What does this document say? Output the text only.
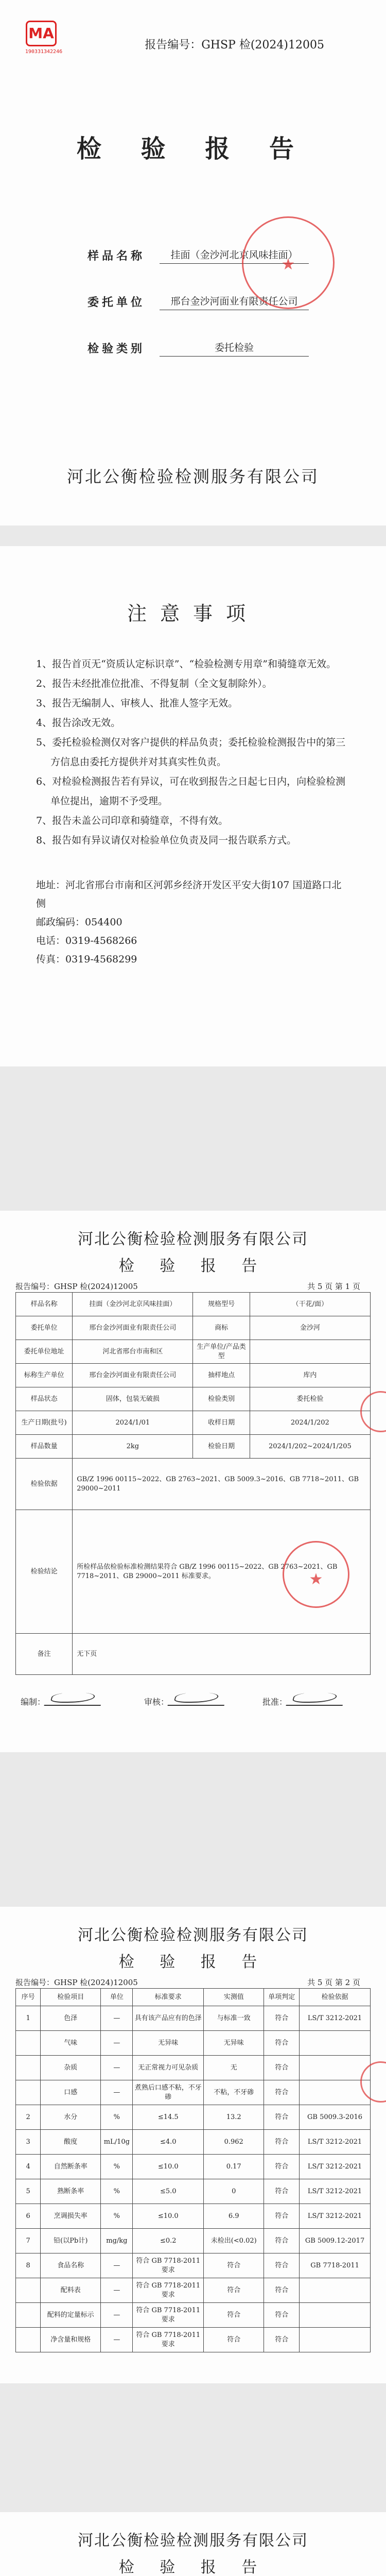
MA
190331342246
报告编号：GHSP 检(2024)12005
检 验 报 告
样品名称	挂面（金沙河北京风味挂面）
委托单位	邢台金沙河面业有限责任公司
检验类别	委托检验
★
河北公衡检验检测服务有限公司
注意事项
1、报告首页无“资质认定标识章”、“检验检测专用章”和骑缝章无效。
2、报告未经批准位批准、不得复制（全文复制除外）。
3、报告无编制人、审核人、批准人签字无效。
4、报告涂改无效。
5、委托检验检测仅对客户提供的样品负责；委托检验检测报告中的第三方信息由委托方提供并对其真实性负责。
6、对检验检测报告若有异议，可在收到报告之日起七日内，向检验检测单位提出，逾期不予受理。
7、报告未盖公司印章和骑缝章，不得有效。
8、报告如有异议请仅对检验单位负责及同一报告联系方式。
地址：河北省邢台市南和区河郭乡经济开发区平安大街107 国道路口北侧
邮政编码：054400
电话：0319-4568266
传真：0319-4568299
河北公衡检验检测服务有限公司
检 验 报 告
报告编号：GHSP 检(2024)12005	共 5 页 第 1 页
样品名称	挂面（金沙河北京风味挂面）	规格型号	（干花/面）
委托单位	邢台金沙河面业有限责任公司	商标	金沙河
委托单位地址	河北省邢台市南和区	生产单位/产品类型	
标称生产单位	邢台金沙河面业有限责任公司	抽样地点	库内
样品状态	固体，包装无破损	检验类别	委托检验
生产日期(批号)	2024/1/01	收样日期	2024/1/202
样品数量	2kg	检验日期	2024/1/202~2024/1/205
检验依据	GB/Z 1996 00115~2022、GB 2763~2021、GB 5009.3~2016、GB 7718~2011、GB 29000~2011		
检验结论	所检样品依检验标准检测结果符合 GB/Z 1996 00115~2022、GB 2763~2021、GB 7718~2011、GB 29000~2011 标准要求。 ★		

备注	无下页		
编制：	审核：	批准：
河北公衡检验检测服务有限公司
检 验 报 告
报告编号：GHSP 检(2024)12005	共 5 页 第 2 页
序号	检验项目	单位	标准要求	实测值	单项判定	检验依据
1	色泽	—	具有该产品应有的色泽	与标准一致	符合	LS/T 3212-2021
	气味	—	无异味	无异味	符合	
	杂质	—	无正常视力可见杂质	无	符合	
	口感	—	煮熟后口感不粘，不牙碜	不粘，不牙碜	符合	
2	水分	%	≤14.5	13.2	符合	GB 5009.3-2016
3	酸度	mL/10g	≤4.0	0.962	符合	LS/T 3212-2021
4	自然断条率	%	≤10.0	0.17	符合	LS/T 3212-2021
5	熟断条率	%	≤5.0	0	符合	LS/T 3212-2021
6	烹调损失率	%	≤10.0	6.9	符合	LS/T 3212-2021
7	铅(以Pb计)	mg/kg	≤0.2	未检出(<0.02)	符合	GB 5009.12-2017
8	食品名称	—	符合 GB 7718-2011 要求	符合	符合	GB 7718-2011
	配料表	—	符合 GB 7718-2011 要求	符合	符合	
	配料的定量标示	—	符合 GB 7718-2011 要求	符合	符合	
	净含量和规格	—	符合 GB 7718-2011 要求	符合	符合	
河北公衡检验检测服务有限公司
检 验 报 告
